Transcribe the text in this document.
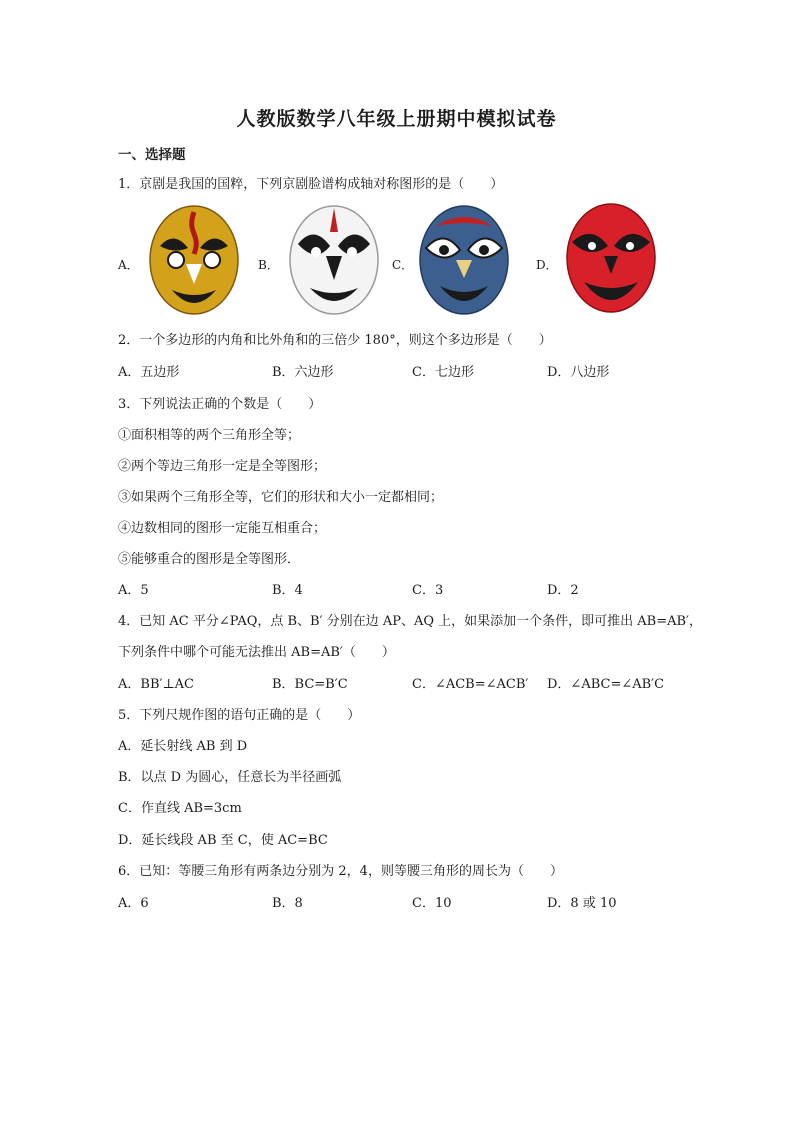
人教版数学八年级上册期中模拟试卷
一、选择题
1．京剧是我国的国粹，下列京剧脸谱构成轴对称图形的是（　　）
A．	B．	C．	D．
2．一个多边形的内角和比外角和的三倍少 180°，则这个多边形是（　　）
A．五边形	B．六边形	C．七边形	D．八边形
3．下列说法正确的个数是（　　）
①面积相等的两个三角形全等；
②两个等边三角形一定是全等图形；
③如果两个三角形全等，它们的形状和大小一定都相同；
④边数相同的图形一定能互相重合；
⑤能够重合的图形是全等图形．
A．5	B．4	C．3	D．2
4．已知 AC 平分∠PAQ，点 B、B′ 分别在边 AP、AQ 上，如果添加一个条件，即可推出 AB=AB′，
下列条件中哪个可能无法推出 AB=AB′（　　）
A．BB′⊥AC	B．BC=B′C	C．∠ACB=∠ACB′ D．∠ABC=∠AB′C
5．下列尺规作图的语句正确的是（　　）
A．延长射线 AB 到 D
B．以点 D 为圆心，任意长为半径画弧
C．作直线 AB=3cm
D．延长线段 AB 至 C，使 AC=BC
6．已知：等腰三角形有两条边分别为 2，4，则等腰三角形的周长为（　　）
A．6	B．8	C．10	D．8 或 10
